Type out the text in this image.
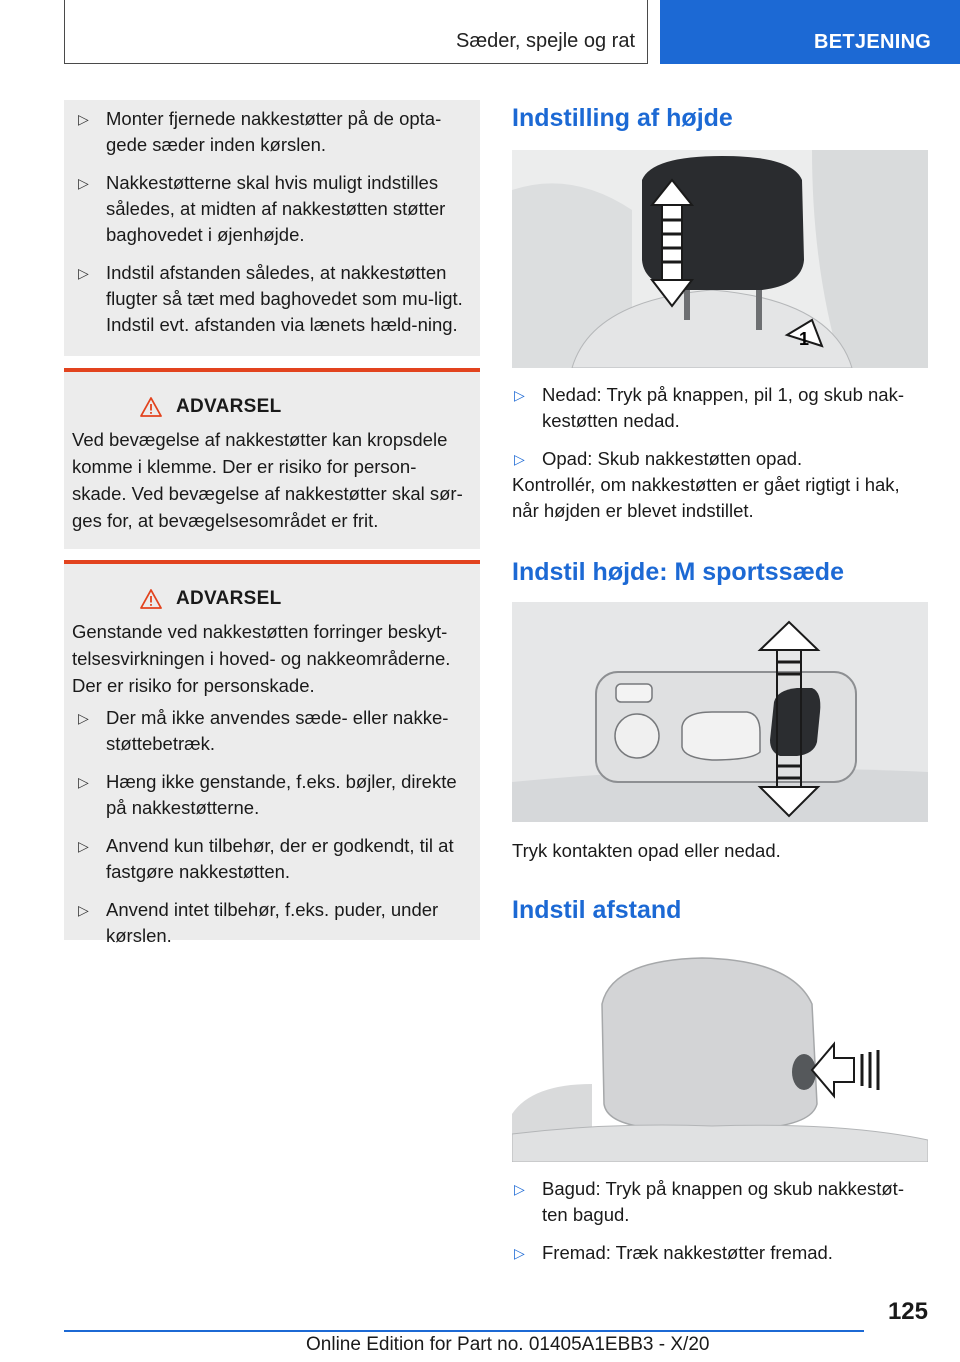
Sæder, spejle og rat	BETJENING
▷ Monter fjernede nakkestøtter på de opta-gede sæder inden kørslen.
▷ Nakkestøtterne skal hvis muligt indstilles således, at midten af nakkestøtten støtter baghovedet i øjenhøjde.
▷ Indstil afstanden således, at nakkestøtten flugter så tæt med baghovedet som mu-ligt. Indstil evt. afstanden via lænets hæld-ning.
ADVARSEL
Ved bevægelse af nakkestøtter kan kropsdele komme i klemme. Der er risiko for person-skade. Ved bevægelse af nakkestøtter skal sør-ges for, at bevægelsesområdet er frit.
ADVARSEL
Genstande ved nakkestøtten forringer beskyt-telsesvirkningen i hoved- og nakkeområderne. Der er risiko for personskade.
▷ Der må ikke anvendes sæde- eller nakke-støttebetræk.
▷ Hæng ikke genstande, f.eks. bøjler, direkte på nakkestøtterne.
▷ Anvend kun tilbehør, der er godkendt, til at fastgøre nakkestøtten.
▷ Anvend intet tilbehør, f.eks. puder, under kørslen.
Indstilling af højde
1
▷ Nedad: Tryk på knappen, pil 1, og skub nak-kestøtten nedad.
▷ Opad: Skub nakkestøtten opad.

Kontrollér, om nakkestøtten er gået rigtigt i hak, når højden er blevet indstillet.

Indstil højde: M sportssæde

Tryk kontakten opad eller nedad.

Indstil afstand
▷ Bagud: Tryk på knappen og skub nakkestøt-ten bagud.
▷ Fremad: Træk nakkestøtter fremad.
125
Online Edition for Part no. 01405A1EBB3 - X/20
